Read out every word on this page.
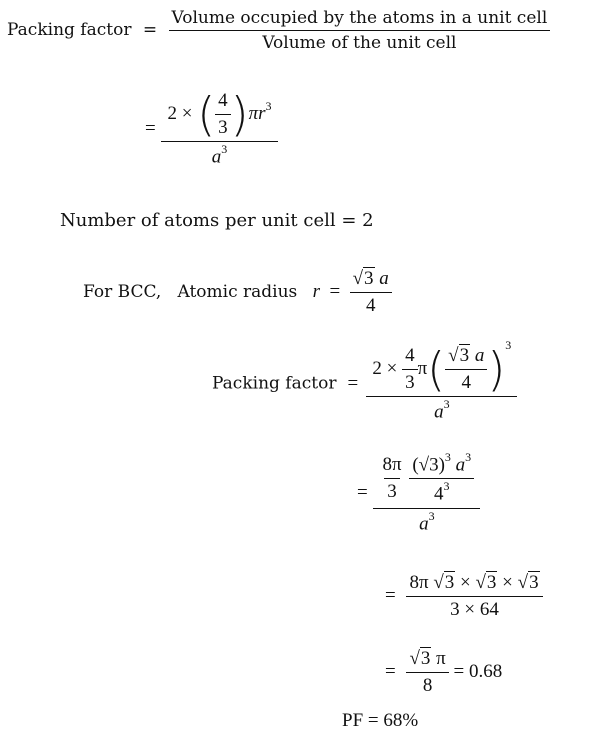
Packing factor = $\frac{\text{Volume occupied by the atoms in a unit cell}}{\text{Volume of the unit cell}}$
= $\frac{2 \times ( \frac{4}{3} )\pi r^3}{a^3}$
Number of atoms per unit cell = 2
For BCC,   Atomic radius $r = \frac{√3 a}{4}$
Packing factor = $\frac{2 \times \frac{4}{3} \pi( \frac{√3 a}{4} )^3}{a^3}$
= $\frac{8\pi}{3}$
$\frac{(√3)^3 a^3}{4^3}$
$a^3$
= $\frac{8\pi √3 \times √3 \times √3}{3 \times 64}$
= $\frac{√3 \pi}{8} = 0.68$
PF = 68%
